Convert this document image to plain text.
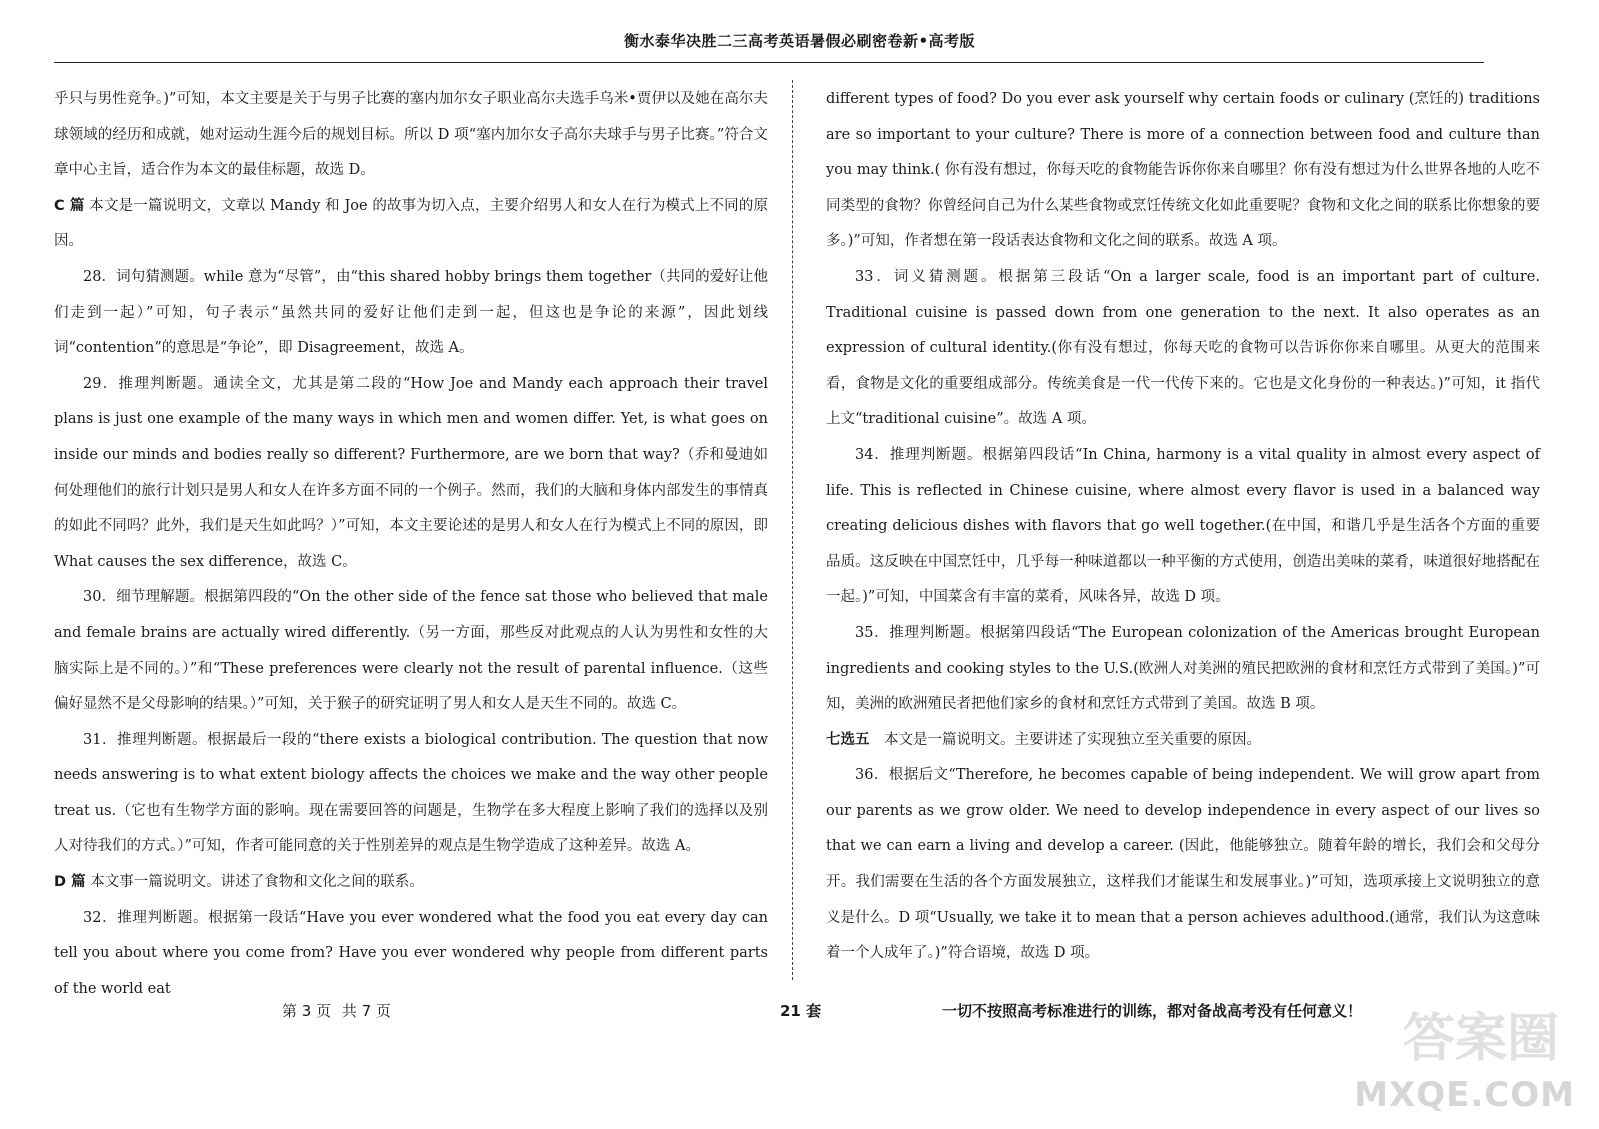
衡水泰华决胜二三高考英语暑假必刷密卷新•高考版

乎只与男性竞争。)”可知，本文主要是关于与男子比赛的塞内加尔女子职业高尔夫选手乌米•贾伊以及她在高尔夫球领域的经历和成就，她对运动生涯今后的规划目标。所以 D 项“塞内加尔女子高尔夫球手与男子比赛。”符合文章中心主旨，适合作为本文的最佳标题，故选 D。

C 篇 本文是一篇说明文，文章以 Mandy 和 Joe 的故事为切入点，主要介绍男人和女人在行为模式上不同的原因。

28．词句猜测题。while 意为“尽管”，由“this shared hobby brings them together（共同的爱好让他们走到一起）”可知，句子表示“虽然共同的爱好让他们走到一起，但这也是争论的来源”，因此划线词“contention”的意思是“争论”，即 Disagreement，故选 A。

29．推理判断题。通读全文，尤其是第二段的“How Joe and Mandy each approach their travel plans is just one example of the many ways in which men and women differ. Yet, is what goes on inside our minds and bodies really so different? Furthermore, are we born that way?（乔和曼迪如何处理他们的旅行计划只是男人和女人在许多方面不同的一个例子。然而，我们的大脑和身体内部发生的事情真的如此不同吗？此外，我们是天生如此吗？）”可知，本文主要论述的是男人和女人在行为模式上不同的原因，即 What causes the sex difference，故选 C。

30．细节理解题。根据第四段的“On the other side of the fence sat those who believed that male and female brains are actually wired differently.（另一方面，那些反对此观点的人认为男性和女性的大脑实际上是不同的。）”和“These preferences were clearly not the result of parental influence.（这些偏好显然不是父母影响的结果。）”可知，关于猴子的研究证明了男人和女人是天生不同的。故选 C。

31．推理判断题。根据最后一段的“there exists a biological contribution. The question that now needs answering is to what extent biology affects the choices we make and the way other people treat us.（它也有生物学方面的影响。现在需要回答的问题是，生物学在多大程度上影响了我们的选择以及别人对待我们的方式。）”可知，作者可能同意的关于性别差异的观点是生物学造成了这种差异。故选 A。

D 篇 本文事一篇说明文。讲述了食物和文化之间的联系。

32．推理判断题。根据第一段话“Have you ever wondered what the food you eat every day can tell you about where you come from? Have you ever wondered why people from different parts of the world eat

different types of food? Do you ever ask yourself why certain foods or culinary (烹饪的) traditions are so important to your culture? There is more of a connection between food and culture than you may think.( 你有没有想过，你每天吃的食物能告诉你你来自哪里？你有没有想过为什么世界各地的人吃不同类型的食物？你曾经问自己为什么某些食物或烹饪传统文化如此重要呢？食物和文化之间的联系比你想象的要多。)”可知，作者想在第一段话表达食物和文化之间的联系。故选 A 项。

33．词义猜测题。根据第三段话“On a larger scale, food is an important part of culture. Traditional cuisine is passed down from one generation to the next. It also operates as an expression of cultural identity.(你有没有想过，你每天吃的食物可以告诉你你来自哪里。从更大的范围来看，食物是文化的重要组成部分。传统美食是一代一代传下来的。它也是文化身份的一种表达。)”可知，it 指代上文“traditional cuisine”。故选 A 项。

34．推理判断题。根据第四段话“In China, harmony is a vital quality in almost every aspect of life. This is reflected in Chinese cuisine, where almost every flavor is used in a balanced way creating delicious dishes with flavors that go well together.(在中国，和谐几乎是生活各个方面的重要品质。这反映在中国烹饪中，几乎每一种味道都以一种平衡的方式使用，创造出美味的菜肴，味道很好地搭配在一起。)”可知，中国菜含有丰富的菜肴，风味各异，故选 D 项。

35．推理判断题。根据第四段话“The European colonization of the Americas brought European ingredients and cooking styles to the U.S.(欧洲人对美洲的殖民把欧洲的食材和烹饪方式带到了美国。)”可知，美洲的欧洲殖民者把他们家乡的食材和烹饪方式带到了美国。故选 B 项。

七选五　本文是一篇说明文。主要讲述了实现独立至关重要的原因。

36．根据后文“Therefore, he becomes capable of being independent. We will grow apart from our parents as we grow older. We need to develop independence in every aspect of our lives so that we can earn a living and develop a career. (因此，他能够独立。随着年龄的增长，我们会和父母分开。我们需要在生活的各个方面发展独立，这样我们才能谋生和发展事业。)”可知，选项承接上文说明独立的意义是什么。D 项“Usually, we take it to mean that a person achieves adulthood.(通常，我们认为这意味着一个人成年了。)”符合语境，故选 D 项。

第 3 页 共 7 页	21 套	一切不按照高考标准进行的训练，都对备战高考没有任何意义！ 答案圈
MXQE.COM
